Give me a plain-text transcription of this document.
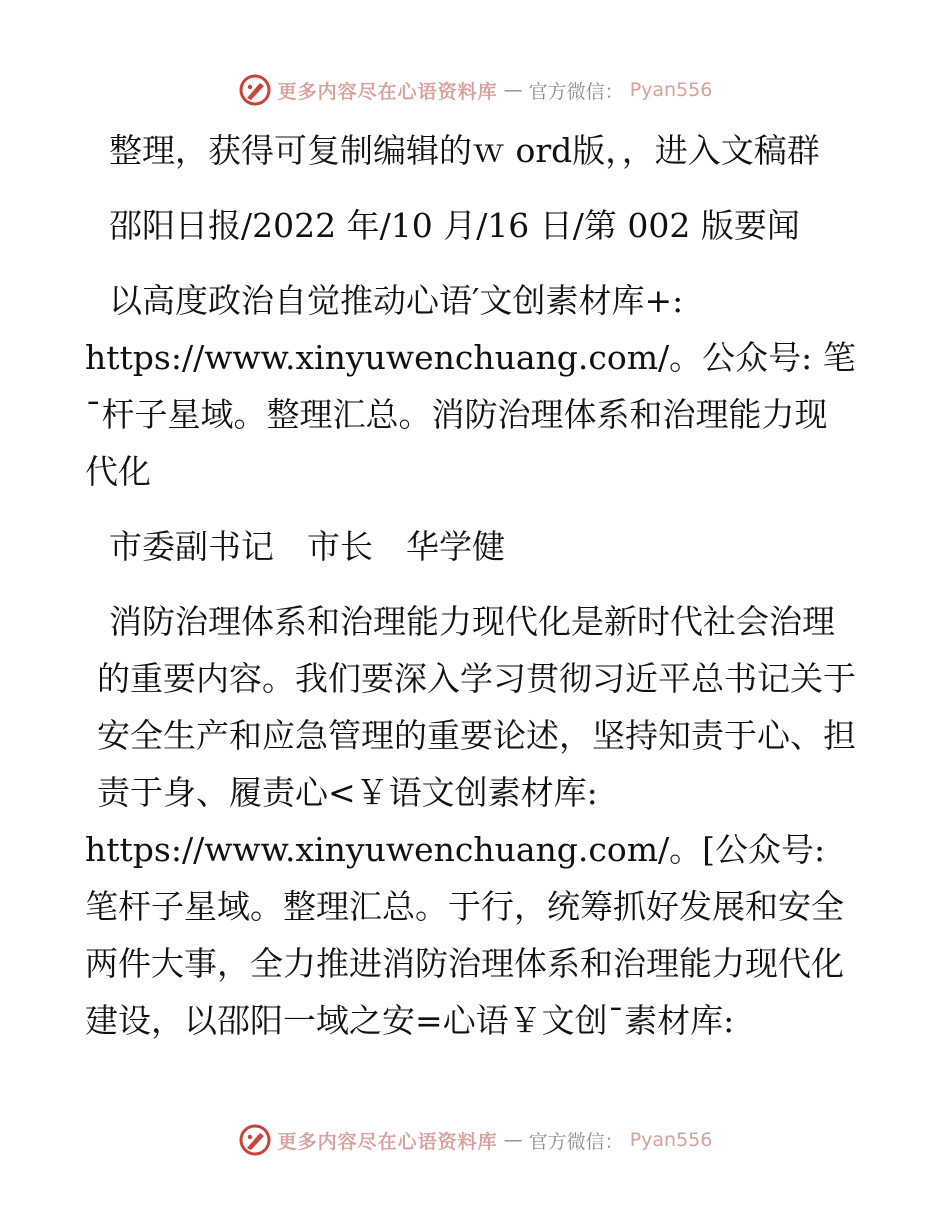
更多内容尽在心语资料库 — 官方微信： Pyan556

整理，获得可复制编辑的ｗ ord版，，进入文稿群

邵阳日报/2022 年/10 月/16 日/第 002 版要闻

以高度政治自觉推动心语′文创素材库+:
https://www.xinyuwenchuang.com/。公众号: 笔¯杆子星域。整理汇总。消防治理体系和治理能力现代化

市委副书记　市长　华学健

消防治理体系和治理能力现代化是新时代社会治理的重要内容。我们要深入学习贯彻习近平总书记关于安全生产和应急管理的重要论述，坚持知责于心、担责于身、履责心<￥语文创素材库:
https://www.xinyuwenchuang.com/。[公众号: 笔杆子星域。整理汇总。于行，统筹抓好发展和安全两件大事，全力推进消防治理体系和治理能力现代化建设，以邵阳一域之安=心语￥文创¯素材库:

更多内容尽在心语资料库 — 官方微信： Pyan556
